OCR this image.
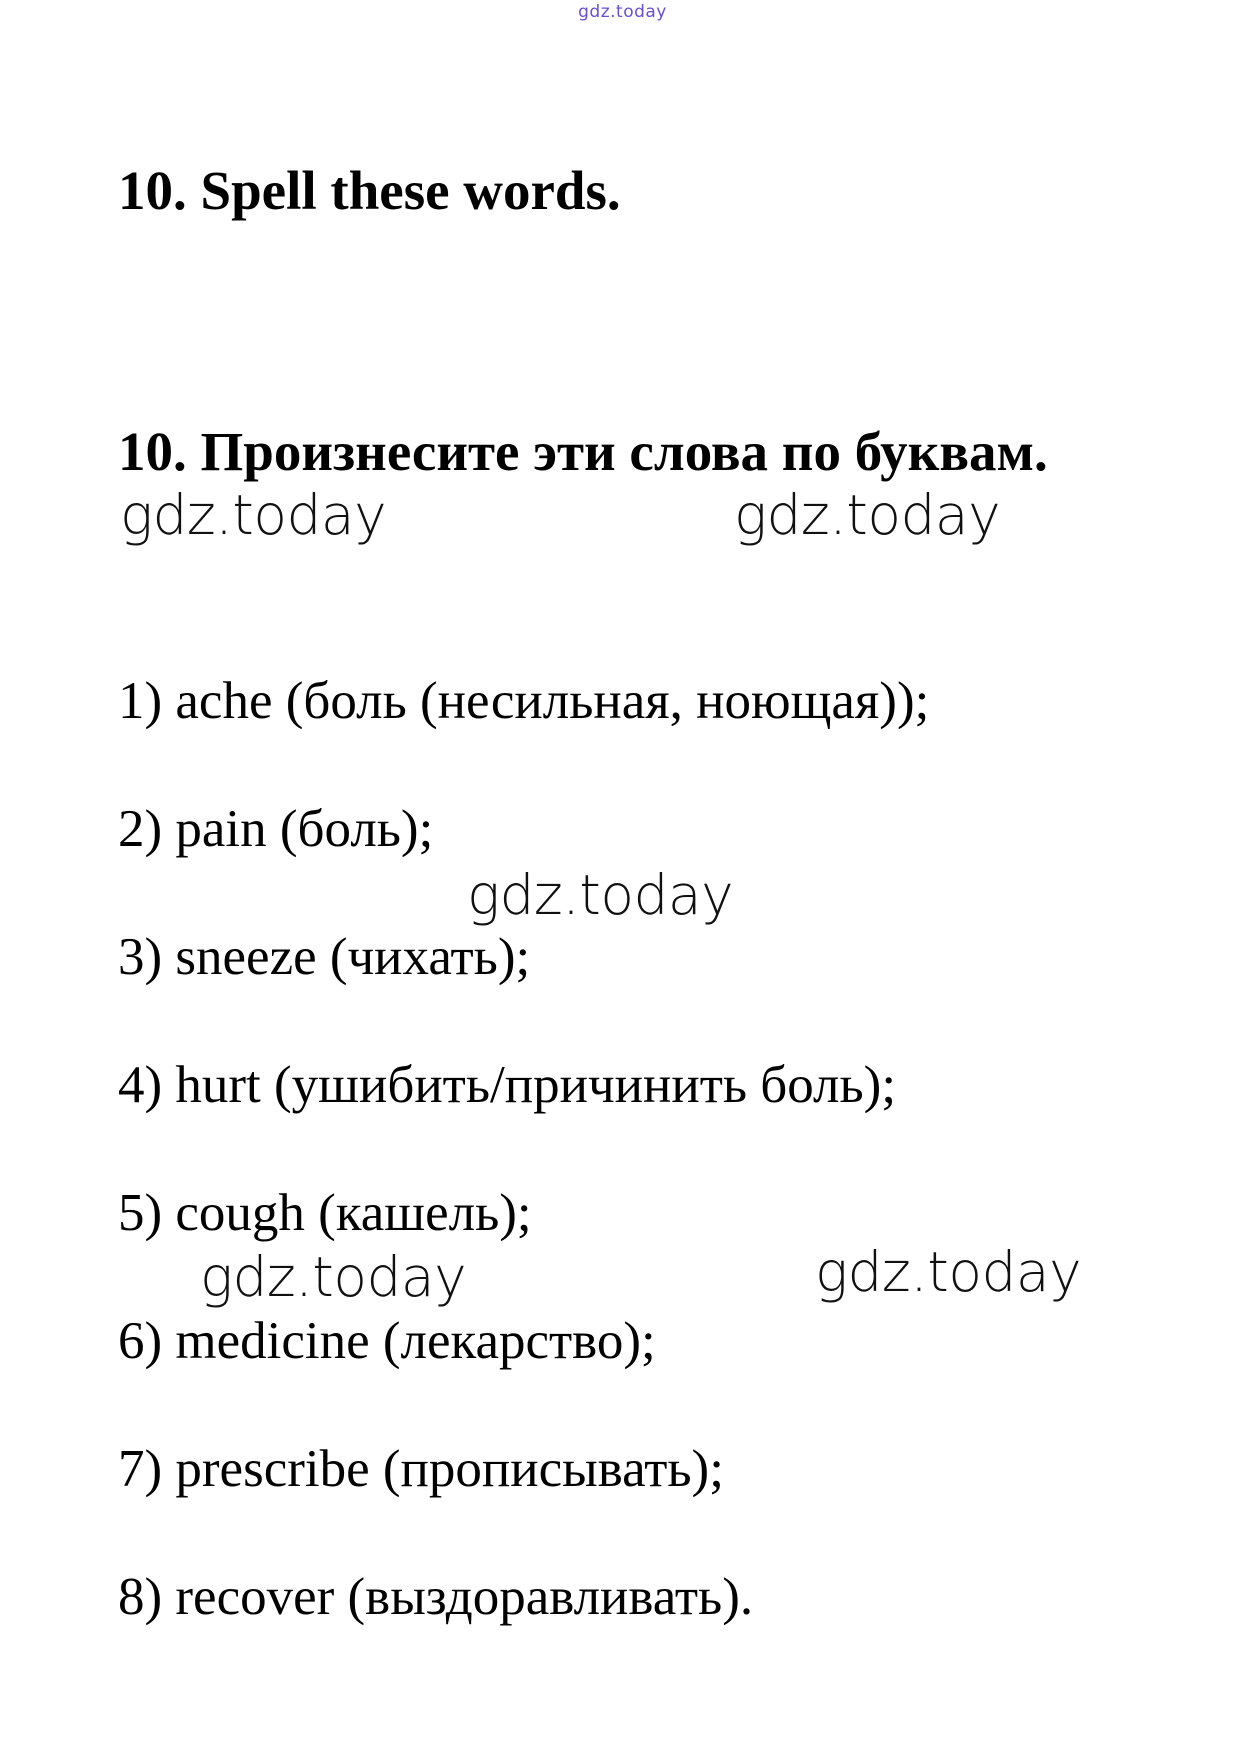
gdz.today
10. Spell these words.
10. Произнесите эти слова по буквам.
gdz.today	gdz.today
gdz.today
gdz.today	gdz.today
1) ache (боль (несильная, ноющая));
2) pain (боль);
3) sneeze (чихать);
4) hurt (ушибить/причинить боль);
5) cough (кашель);
6) medicine (лекарство);
7) prescribe (прописывать);
8) recover (выздоравливать).
